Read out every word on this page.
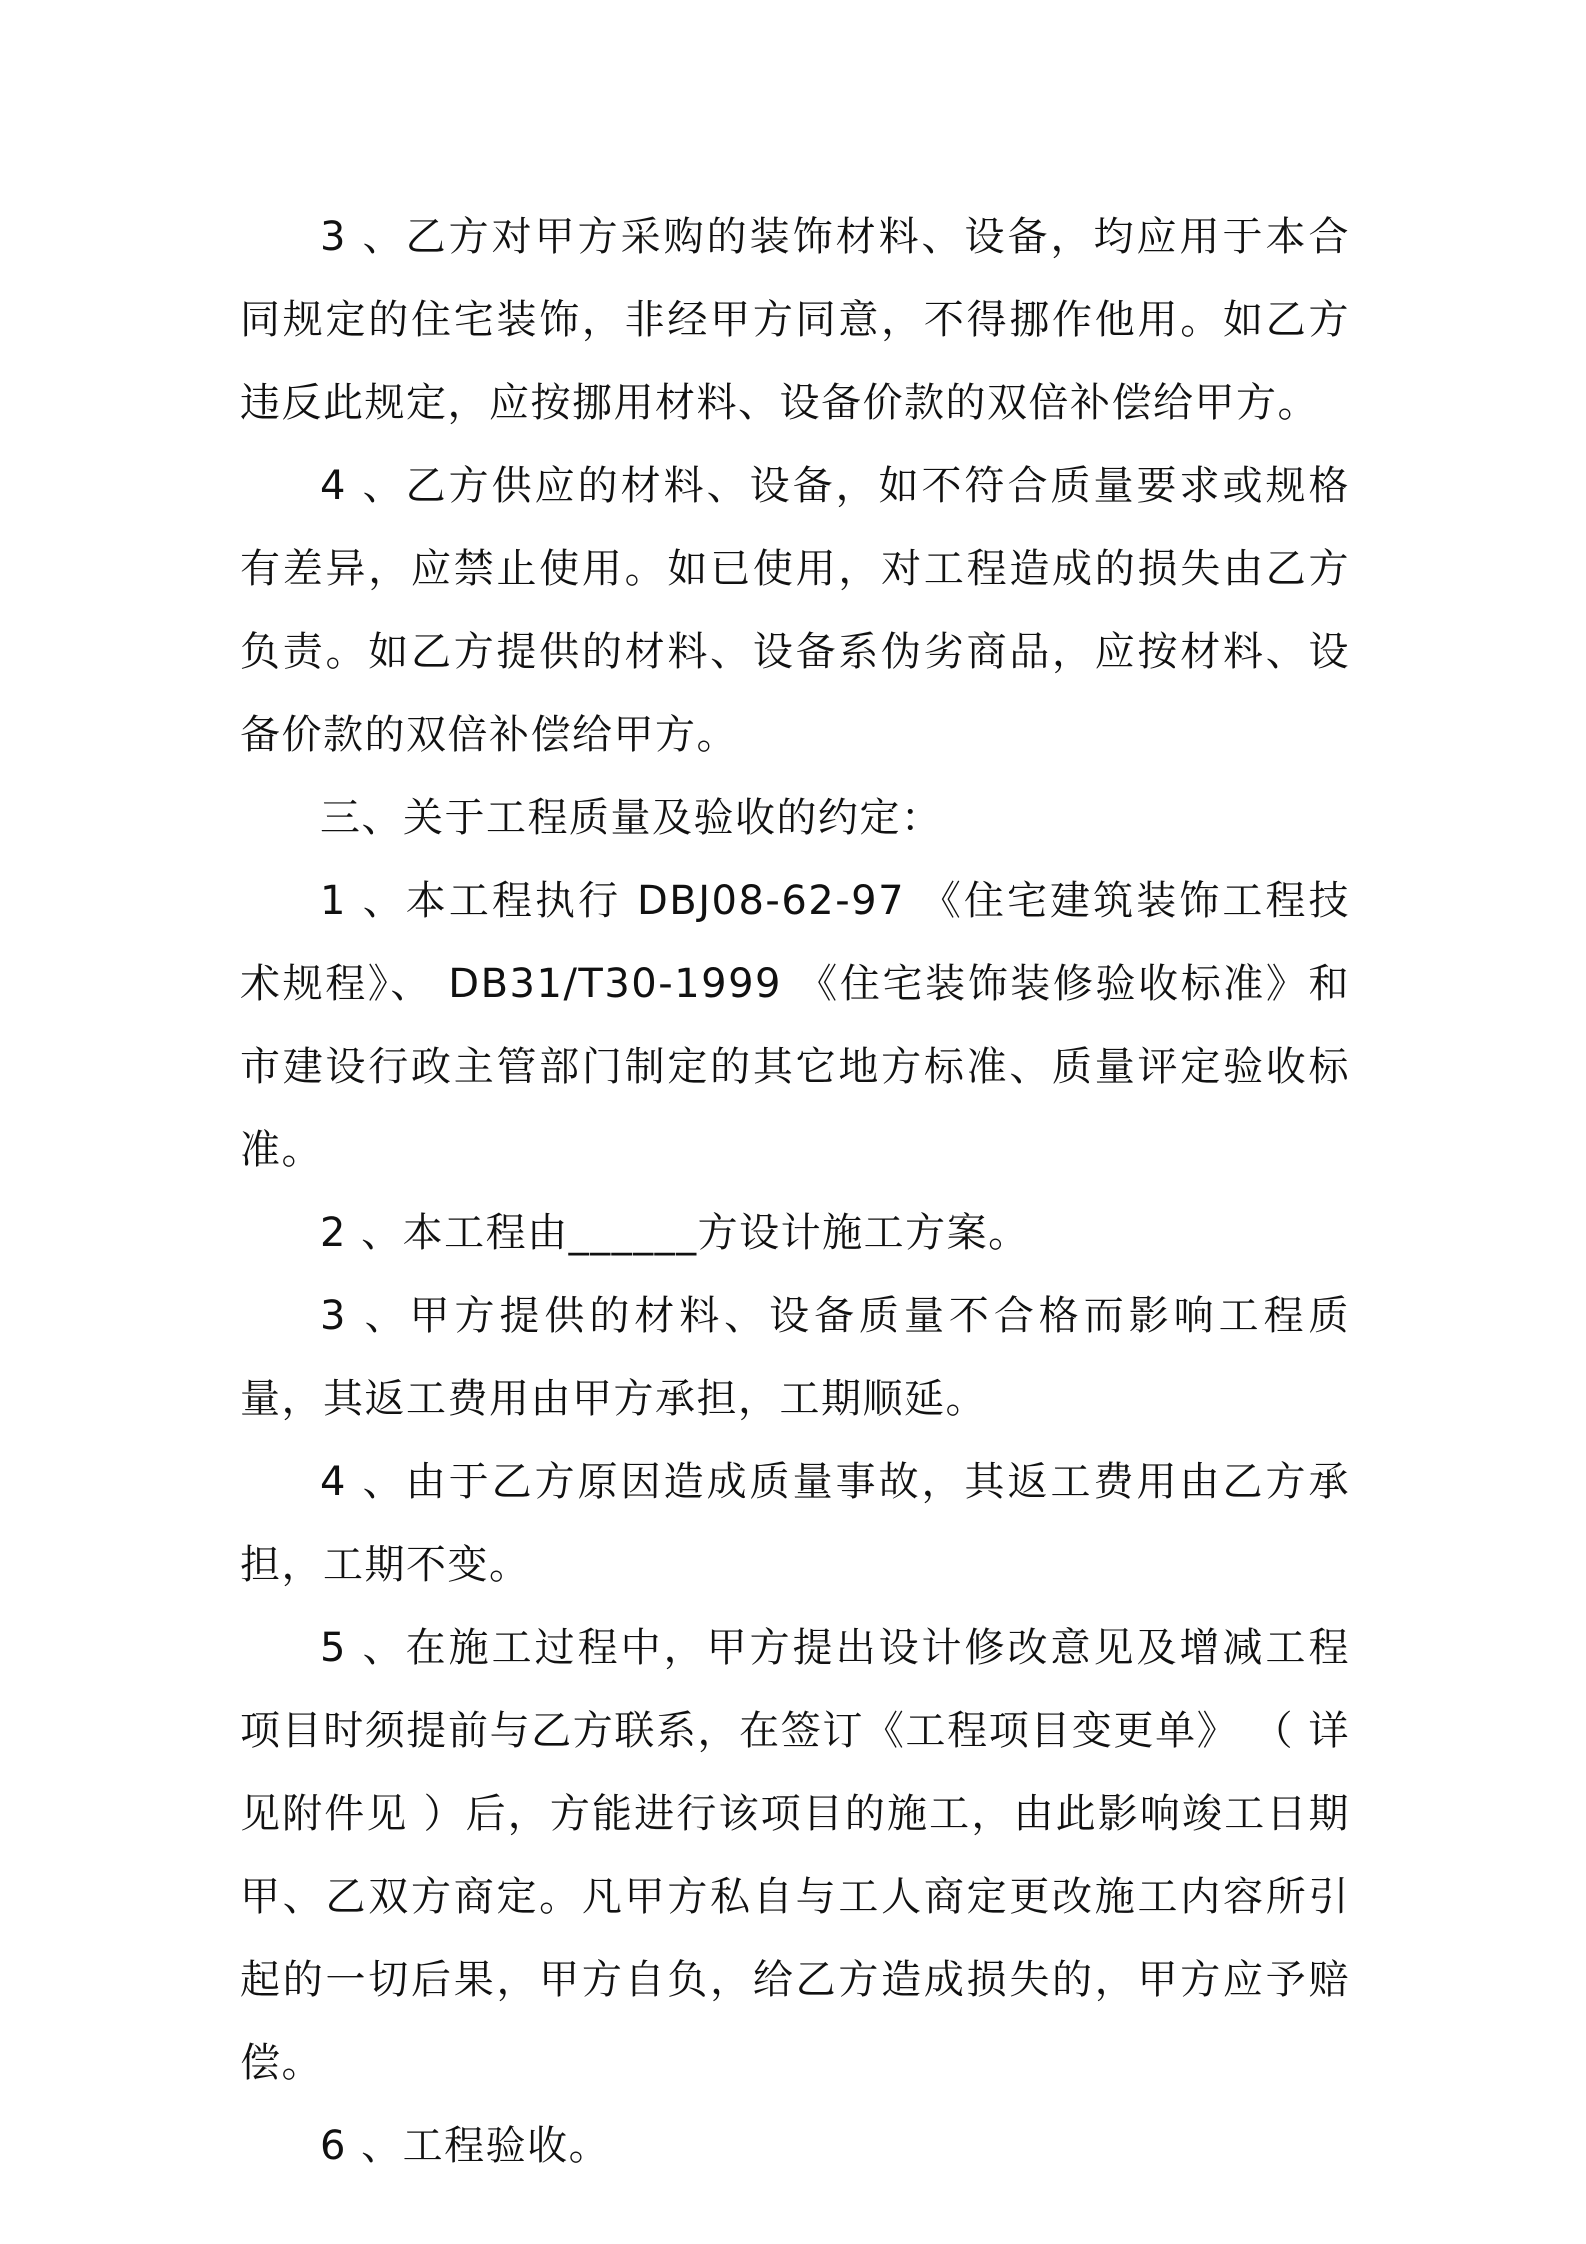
3 、乙方对甲方采购的装饰材料、设备，均应用于本合同规定的住宅装饰，非经甲方同意，不得挪作他用。如乙方违反此规定，应按挪用材料、设备价款的双倍补偿给甲方。

4 、乙方供应的材料、设备，如不符合质量要求或规格有差异，应禁止使用。如已使用，对工程造成的损失由乙方负责。如乙方提供的材料、设备系伪劣商品，应按材料、设备价款的双倍补偿给甲方。

三、关于工程质量及验收的约定：

1 、本工程执行 DBJ08-62-97 《住宅建筑装饰工程技术规程》、 DB31/T30-1999 《住宅装饰装修验收标准》和市建设行政主管部门制定的其它地方标准、质量评定验收标准。

2 、本工程由______方设计施工方案。

3 、甲方提供的材料、设备质量不合格而影响工程质量，其返工费用由甲方承担，工期顺延。

4 、由于乙方原因造成质量事故，其返工费用由乙方承担，工期不变。

5 、在施工过程中，甲方提出设计修改意见及增减工程项目时须提前与乙方联系，在签订《工程项目变更单》 （ 详见附件见 ）后，方能进行该项目的施工，由此影响竣工日期甲、乙双方商定。凡甲方私自与工人商定更改施工内容所引起的一切后果，甲方自负，给乙方造成损失的，甲方应予赔偿。

6 、工程验收。
